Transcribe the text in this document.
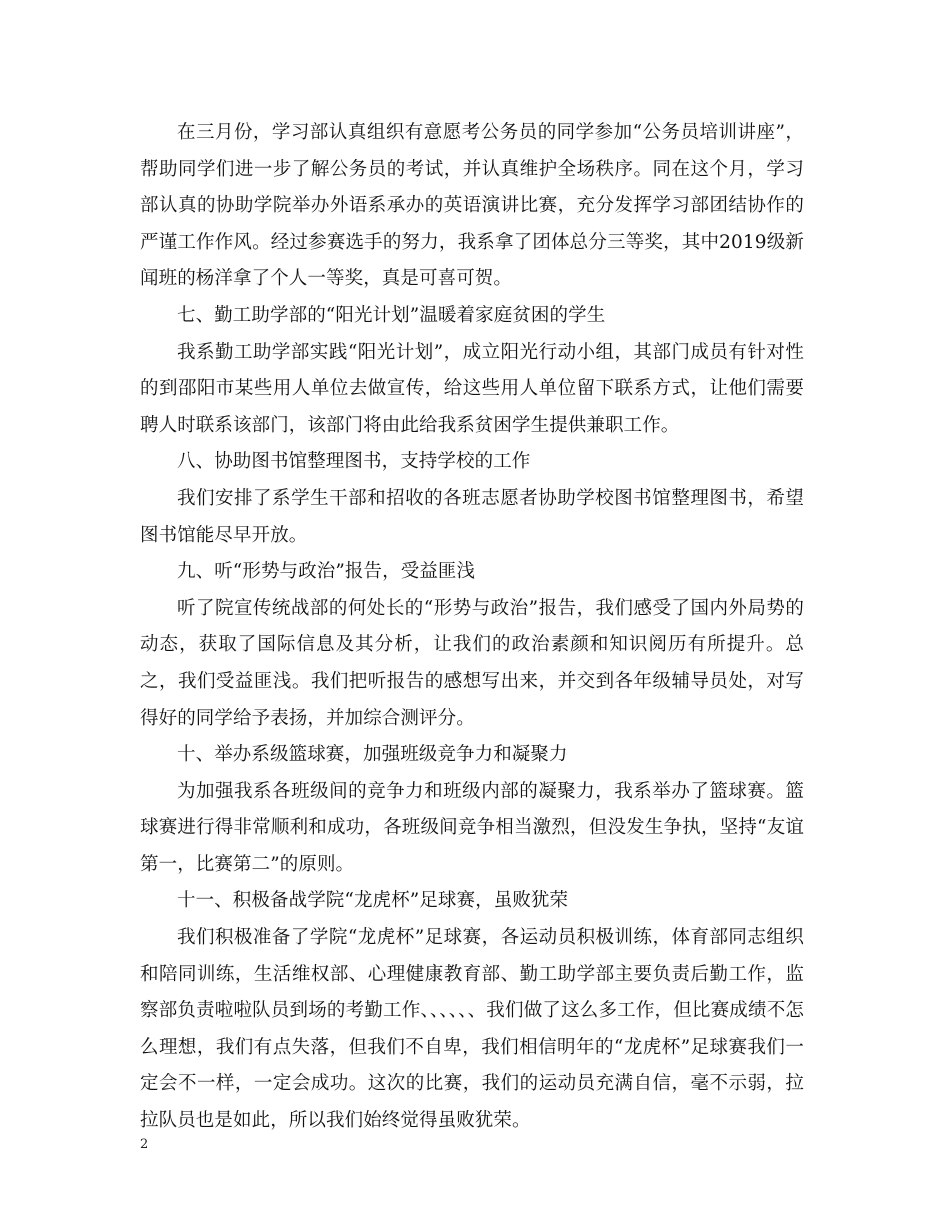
在三月份，学习部认真组织有意愿考公务员的同学参加“公务员培训讲座”，帮助同学们进一步了解公务员的考试，并认真维护全场秩序。同在这个月，学习部认真的协助学院举办外语系承办的英语演讲比赛，充分发挥学习部团结协作的严谨工作作风。经过参赛选手的努力，我系拿了团体总分三等奖，其中2019级新闻班的杨洋拿了个人一等奖，真是可喜可贺。

七、勤工助学部的“阳光计划”温暖着家庭贫困的学生

我系勤工助学部实践“阳光计划”，成立阳光行动小组，其部门成员有针对性的到邵阳市某些用人单位去做宣传，给这些用人单位留下联系方式，让他们需要聘人时联系该部门，该部门将由此给我系贫困学生提供兼职工作。

八、协助图书馆整理图书，支持学校的工作

我们安排了系学生干部和招收的各班志愿者协助学校图书馆整理图书，希望图书馆能尽早开放。

九、听“形势与政治”报告，受益匪浅

听了院宣传统战部的何处长的“形势与政治”报告，我们感受了国内外局势的动态，获取了国际信息及其分析，让我们的政治素颜和知识阅历有所提升。总之，我们受益匪浅。我们把听报告的感想写出来，并交到各年级辅导员处，对写得好的同学给予表扬，并加综合测评分。

十、举办系级篮球赛，加强班级竞争力和凝聚力

为加强我系各班级间的竞争力和班级内部的凝聚力，我系举办了篮球赛。篮球赛进行得非常顺利和成功，各班级间竞争相当激烈，但没发生争执，坚持“友谊第一，比赛第二”的原则。

十一、积极备战学院“龙虎杯”足球赛，虽败犹荣

我们积极准备了学院“龙虎杯”足球赛，各运动员积极训练，体育部同志组织和陪同训练，生活维权部、心理健康教育部、勤工助学部主要负责后勤工作，监察部负责啦啦队员到场的考勤工作、、、、、、我们做了这么多工作，但比赛成绩不怎么理想，我们有点失落，但我们不自卑，我们相信明年的“龙虎杯”足球赛我们一定会不一样，一定会成功。这次的比赛，我们的运动员充满自信，毫不示弱，拉拉队员也是如此，所以我们始终觉得虽败犹荣。

2
